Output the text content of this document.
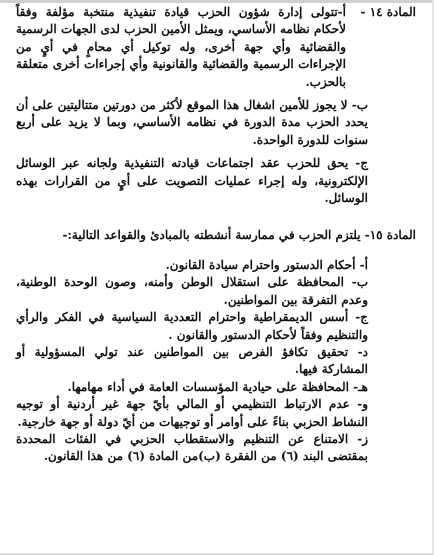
المادة ١٤ -
أ-تتولى إدارة شؤون الحزب قيادة تنفيذية منتخبة مؤلفة وفقاً لأحكام نظامه الأساسي، ويمثل الأمين الحزب لدى الجهات الرسمية والقضائية وأي جهة أخرى، وله توكيل أي محامٍ في أيٍ من الإجراءات الرسمية والقضائية والقانونية وأي إجراءات أخرى متعلقة بالحزب.
ب- لا يجوز للأمين اشغال هذا الموقع لأكثر من دورتين متتاليتين على أن يحدد الحزب مدة الدورة في نظامه الأساسي، وبما لا يزيد على أربع سنوات للدورة الواحدة.
ج- يحق للحزب عقد اجتماعات قيادته التنفيذية ولجانه عبر الوسائل الإلكترونية، وله إجراء عمليات التصويت على أيٍ من القرارات بهذه الوسائل.
المادة ١٥- يلتزم الحزب في ممارسة أنشطته بالمبادئ والقواعد التالية:-
أ- أحكام الدستور واحترام سيادة القانون.
ب- المحافظة على استقلال الوطن وأمنه، وصون الوحدة الوطنية، وعدم التفرقة بين المواطنين.
ج- أسس الديمقراطية واحترام التعددية السياسية في الفكر والرأي والتنظيم وفقاً لأحكام الدستور والقانون .
د- تحقيق تكافؤ الفرص بين المواطنين عند تولي المسؤولية أو المشاركة فيها.
هـ- المحافظة على حيادية المؤسسات العامة في أداء مهامها.
و- عدم الارتباط التنظيمي أو المالي بأيّ جهة غير أردنية أو توجيه النشاط الحزبي بناءً على أوامر أو توجيهات من أيّ دولة أو جهة خارجية.
ز- الامتناع عن التنظيم والاستقطاب الحزبي في الفئات المحددة بمقتضى البند (٦) من الفقرة (ب)من المادة (٦) من هذا القانون.
